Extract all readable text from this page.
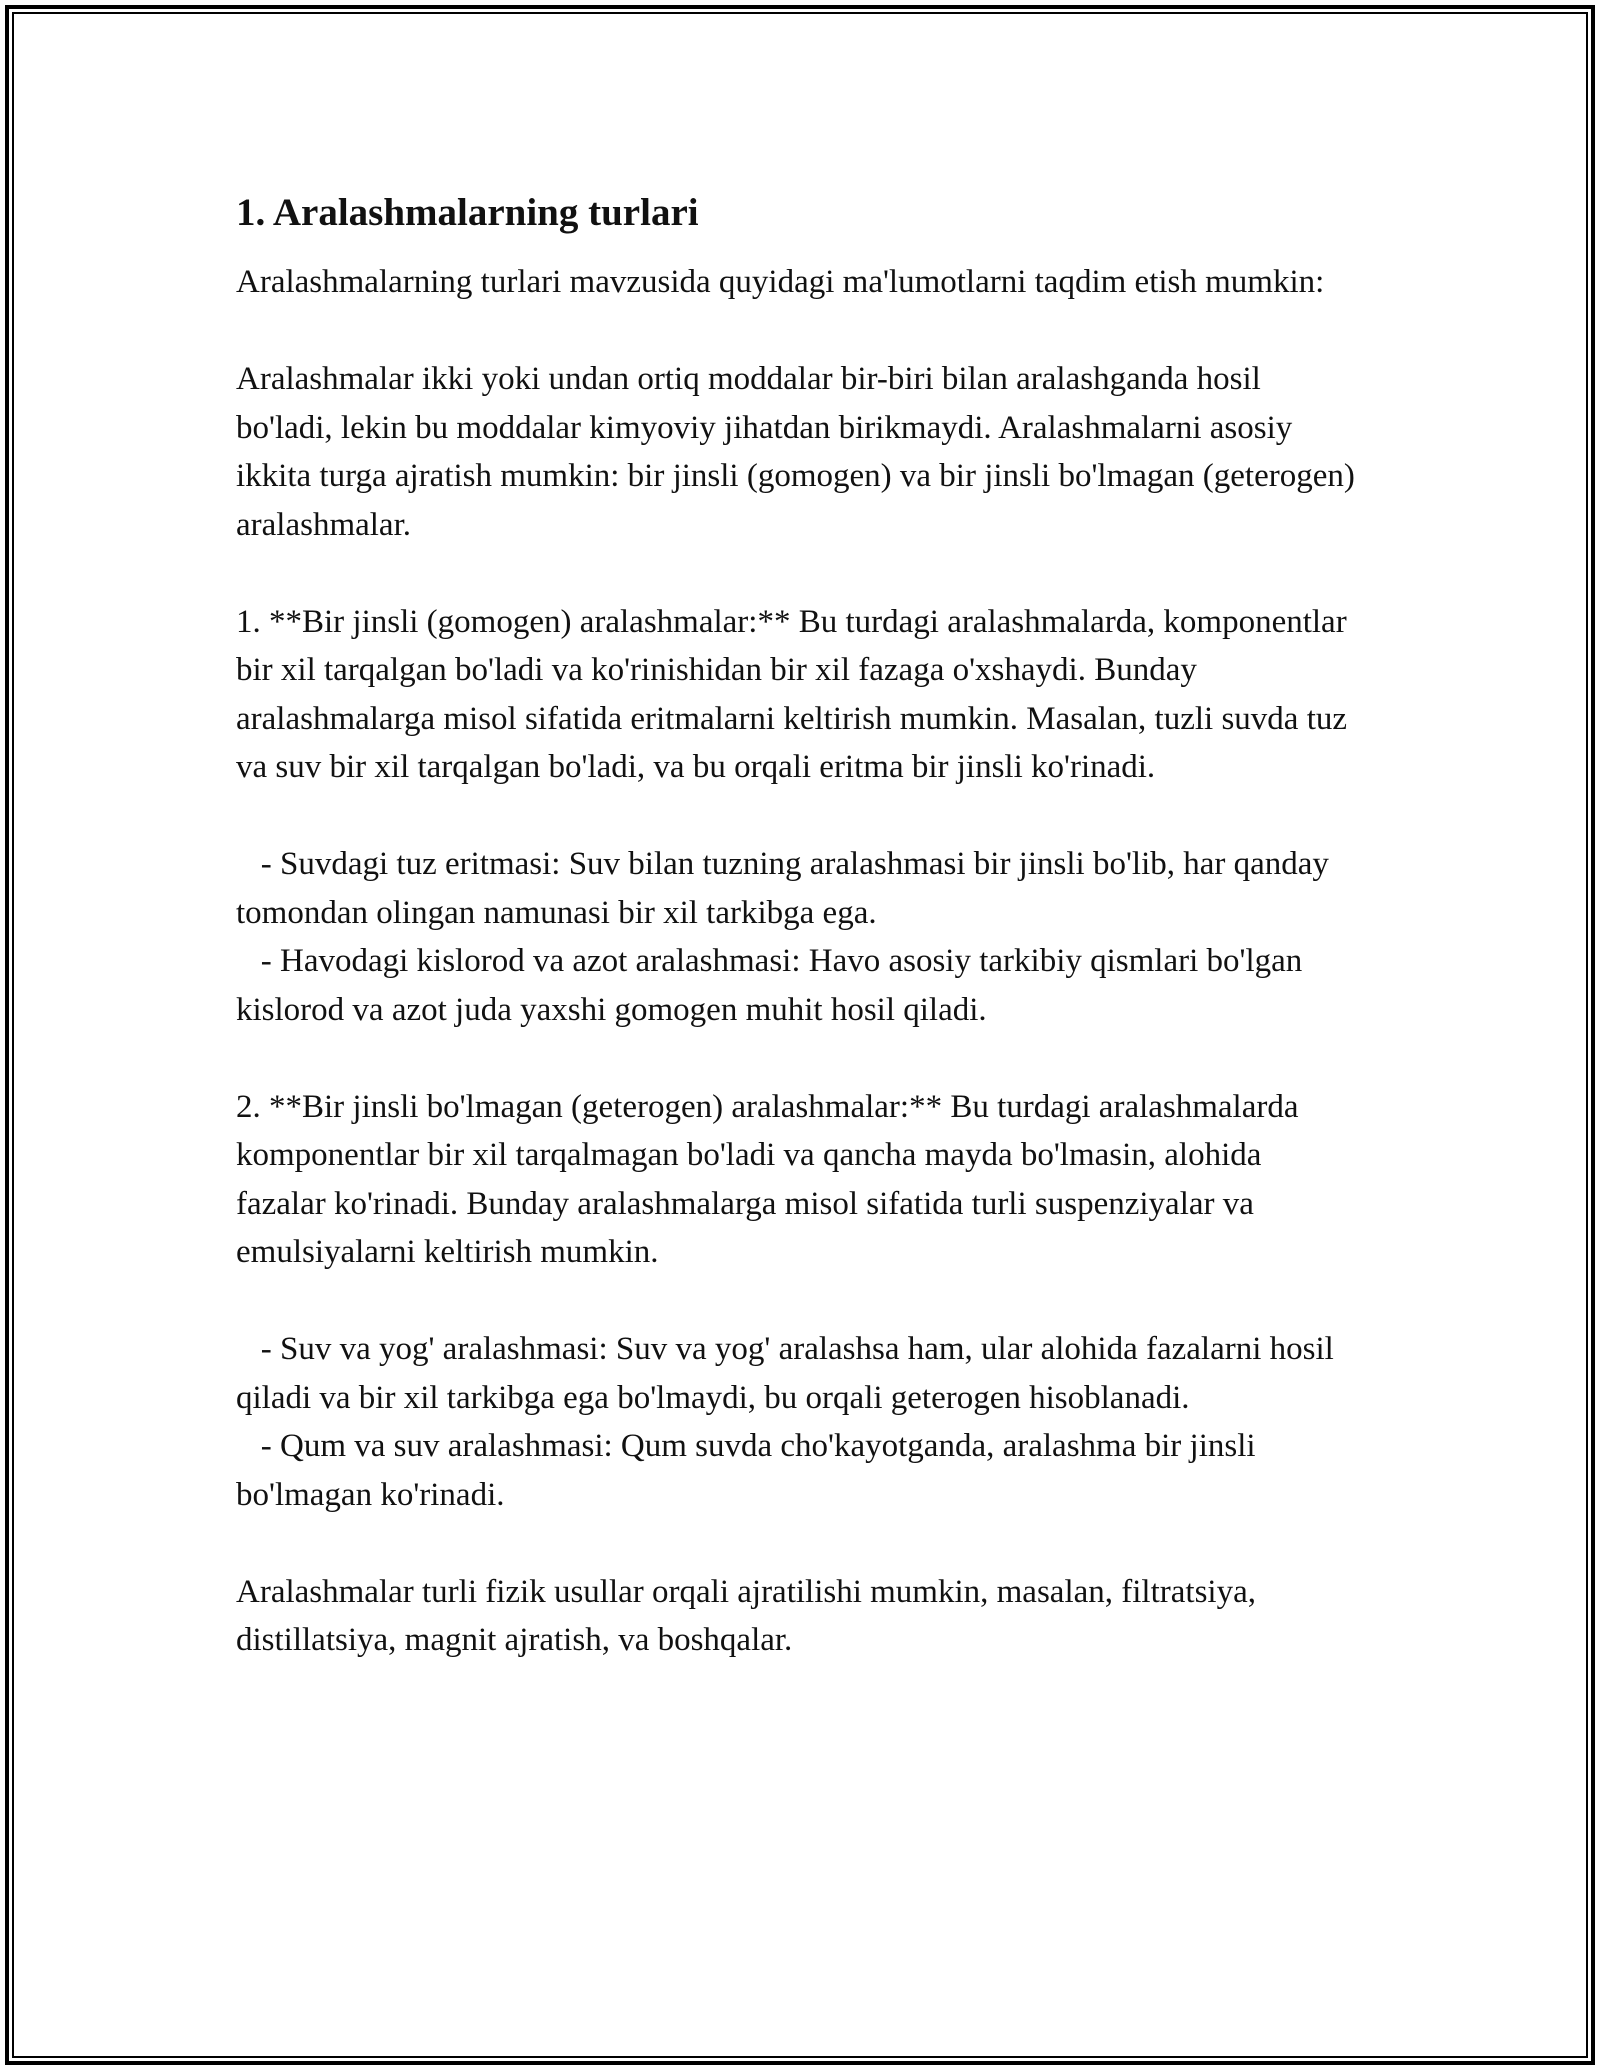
1. Aralashmalarning turlari

Aralashmalarning turlari mavzusida quyidagi ma'lumotlarni taqdim etish mumkin:

Aralashmalar ikki yoki undan ortiq moddalar bir-biri bilan aralashganda hosil bo'ladi, lekin bu moddalar kimyoviy jihatdan birikmaydi. Aralashmalarni asosiy ikkita turga ajratish mumkin: bir jinsli (gomogen) va bir jinsli bo'lmagan (geterogen) aralashmalar.

1. **Bir jinsli (gomogen) aralashmalar:** Bu turdagi aralashmalarda, komponentlar bir xil tarqalgan bo'ladi va ko'rinishidan bir xil fazaga o'xshaydi. Bunday aralashmalarga misol sifatida eritmalarni keltirish mumkin. Masalan, tuzli suvda tuz va suv bir xil tarqalgan bo'ladi, va bu orqali eritma bir jinsli ko'rinadi.

- Suvdagi tuz eritmasi: Suv bilan tuzning aralashmasi bir jinsli bo'lib, har qanday tomondan olingan namunasi bir xil tarkibga ega.
- Havodagi kislorod va azot aralashmasi: Havo asosiy tarkibiy qismlari bo'lgan kislorod va azot juda yaxshi gomogen muhit hosil qiladi.

2. **Bir jinsli bo'lmagan (geterogen) aralashmalar:** Bu turdagi aralashmalarda komponentlar bir xil tarqalmagan bo'ladi va qancha mayda bo'lmasin, alohida fazalar ko'rinadi. Bunday aralashmalarga misol sifatida turli suspenziyalar va emulsiyalarni keltirish mumkin.

- Suv va yog' aralashmasi: Suv va yog' aralashsa ham, ular alohida fazalarni hosil qiladi va bir xil tarkibga ega bo'lmaydi, bu orqali geterogen hisoblanadi.
- Qum va suv aralashmasi: Qum suvda cho'kayotganda, aralashma bir jinsli bo'lmagan ko'rinadi.

Aralashmalar turli fizik usullar orqali ajratilishi mumkin, masalan, filtratsiya, distillatsiya, magnit ajratish, va boshqalar.
